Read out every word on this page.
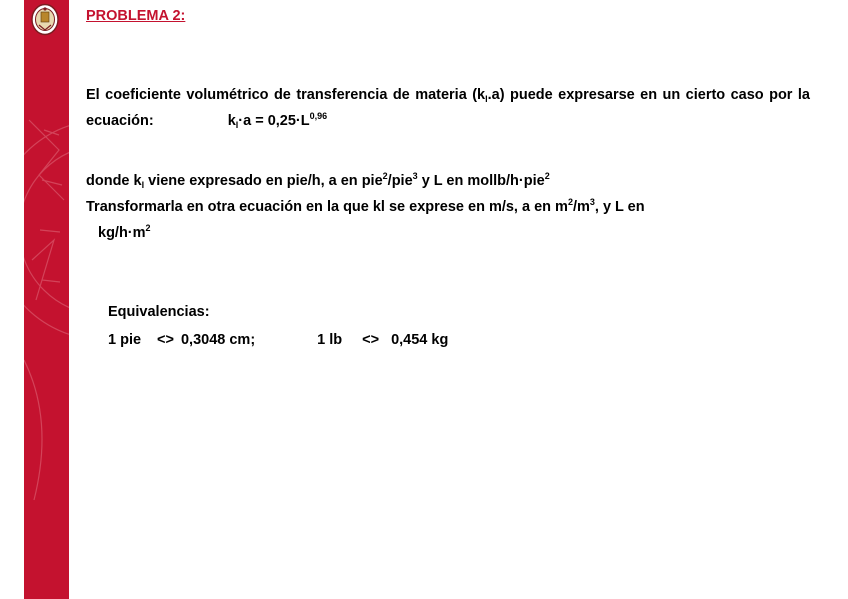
PROBLEMA 2:
El coeficiente volumétrico de transferencia de materia $(k_l.a)$ puede expresarse en un cierto caso por la ecuación:	$k_l\cdot a = 0,25\cdot L^{0,96}$
donde $k_l$ viene expresado en pie/h, a en pie$^2$/pie$^3$ y L en mollb/h·pie$^2$
Transformarla en otra ecuación en la que kl se exprese en m/s, a en $m^2/m^3$, y L en
$kg/h\cdot m^2$
Equivalencias:
1 pie <> 0,3048 cm;	1 lb <> 0,454 kg
